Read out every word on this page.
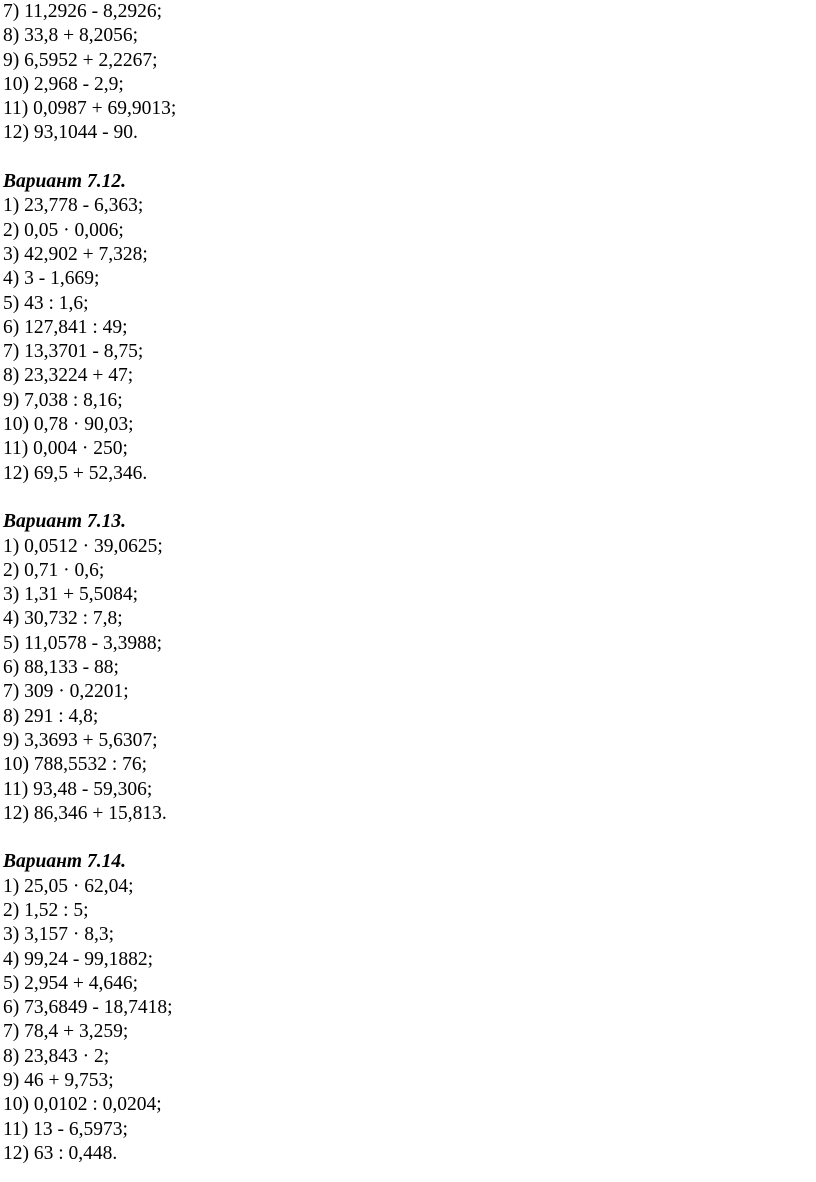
7) 11,2926 - 8,2926;
8) 33,8 + 8,2056;
9) 6,5952 + 2,2267;
10) 2,968 - 2,9;
11) 0,0987 + 69,9013;
12) 93,1044 - 90.
Вариант 7.12.
1) 23,778 - 6,363;
2) 0,05 · 0,006;
3) 42,902 + 7,328;
4) 3 - 1,669;
5) 43 : 1,6;
6) 127,841 : 49;
7) 13,3701 - 8,75;
8) 23,3224 + 47;
9) 7,038 : 8,16;
10) 0,78 · 90,03;
11) 0,004 · 250;
12) 69,5 + 52,346.
Вариант 7.13.
1) 0,0512 · 39,0625;
2) 0,71 · 0,6;
3) 1,31 + 5,5084;
4) 30,732 : 7,8;
5) 11,0578 - 3,3988;
6) 88,133 - 88;
7) 309 · 0,2201;
8) 291 : 4,8;
9) 3,3693 + 5,6307;
10) 788,5532 : 76;
11) 93,48 - 59,306;
12) 86,346 + 15,813.
Вариант 7.14.
1) 25,05 · 62,04;
2) 1,52 : 5;
3) 3,157 · 8,3;
4) 99,24 - 99,1882;
5) 2,954 + 4,646;
6) 73,6849 - 18,7418;
7) 78,4 + 3,259;
8) 23,843 · 2;
9) 46 + 9,753;
10) 0,0102 : 0,0204;
11) 13 - 6,5973;
12) 63 : 0,448.
